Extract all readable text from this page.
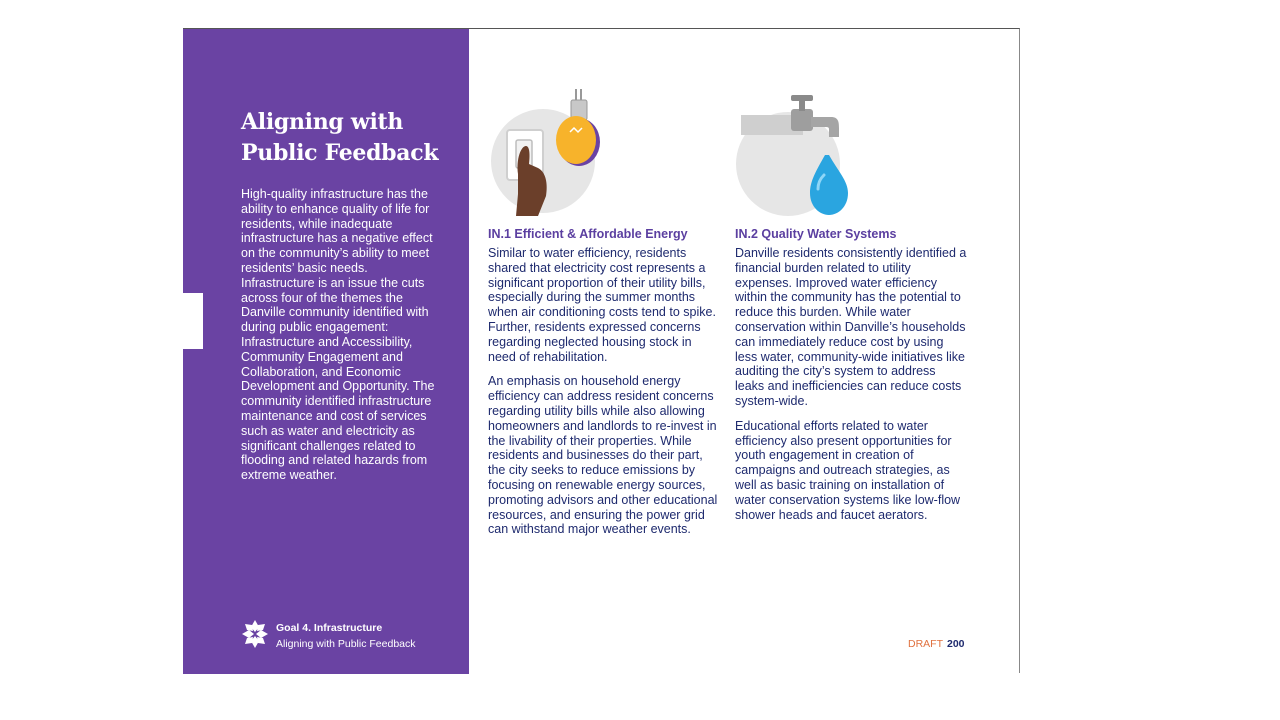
Aligning with
Public Feedback

High-quality infrastructure has the ability to enhance quality of life for residents, while inadequate infrastructure has a negative effect on the community’s ability to meet residents’ basic needs. Infrastructure is an issue the cuts across four of the themes the Danville community identified with during public engagement: Infrastructure and Accessibility, Community Engagement and Collaboration, and Economic Development and Opportunity. The community identified infrastructure maintenance and cost of services such as water and electricity as significant challenges related to flooding and related hazards from extreme weather.

Goal 4. Infrastructure
Aligning with Public Feedback
IN.1 Efficient & Affordable Energy

Similar to water efficiency, residents shared that electricity cost represents a significant proportion of their utility bills, especially during the summer months when air conditioning costs tend to spike. Further, residents expressed concerns regarding neglected housing stock in need of rehabilitation.

An emphasis on household energy efficiency can address resident concerns regarding utility bills while also allowing homeowners and landlords to re-invest in the livability of their properties. While residents and businesses do their part, the city seeks to reduce emissions by focusing on renewable energy sources, promoting advisors and other educational resources, and ensuring the power grid can withstand major weather events.

IN.2 Quality Water Systems

Danville residents consistently identified a financial burden related to utility expenses. Improved water efficiency within the community has the potential to reduce this burden. While water conservation within Danville’s households can immediately reduce cost by using less water, community-wide initiatives like auditing the city’s system to address leaks and inefficiencies can reduce costs system-wide.

Educational efforts related to water efficiency also present opportunities for youth engagement in creation of campaigns and outreach strategies, as well as basic training on installation of water conservation systems like low-flow shower heads and faucet aerators.

DRAFT 200
